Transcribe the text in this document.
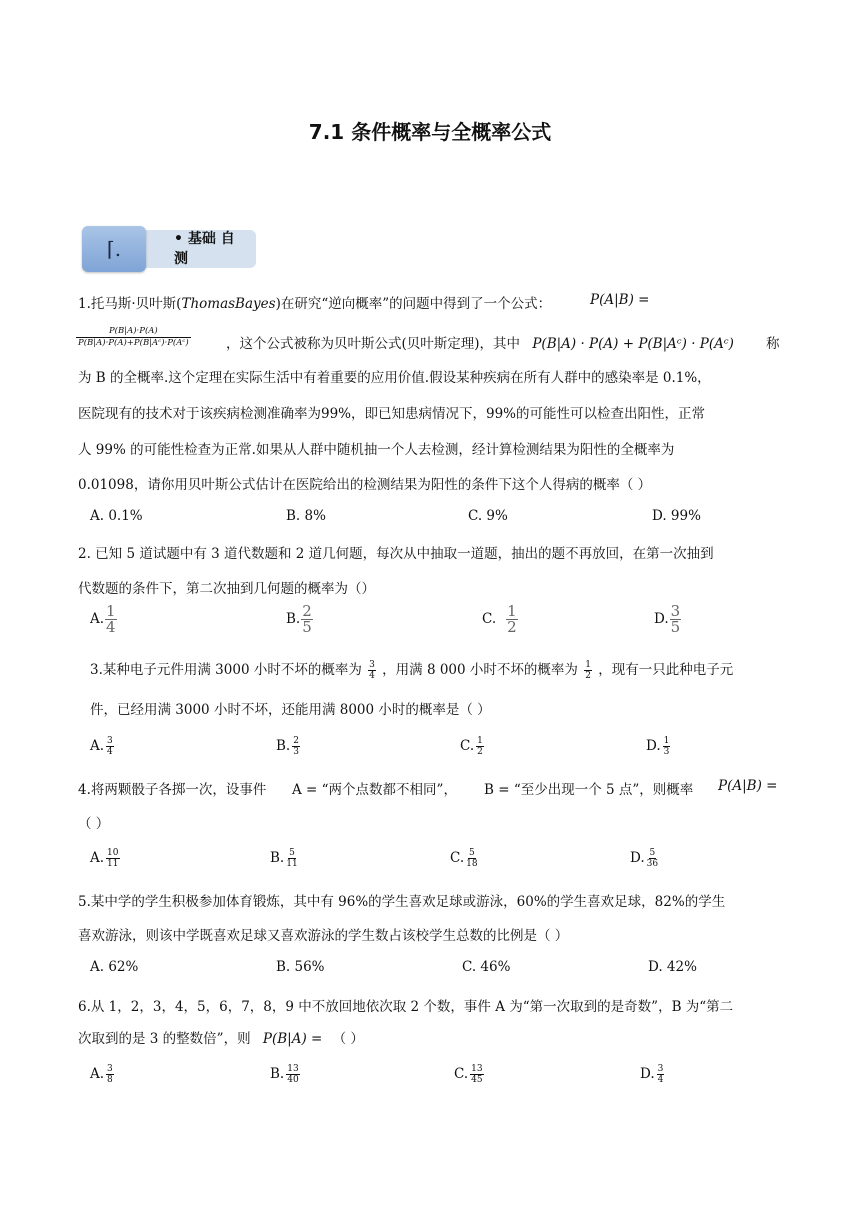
7.1 条件概率与全概率公式
⌈.	• 基础 自测
1.托马斯·贝叶斯(ThomasBayes)在研究“逆向概率”的问题中得到了一个公式：	P(A|B) =
$\frac{P(B|A)\cdot P(A)}{\text{P(B|A)·P(A)+P(B|Aᶜ)·P(Aᶜ)}}$	，这个公式被称为贝叶斯公式(贝叶斯定理)，其中 P(B|A) · P(A) + P(B|Aᶜ) · P(Aᶜ) 称
为 B 的全概率.这个定理在实际生活中有着重要的应用价值.假设某种疾病在所有人群中的感染率是 0.1%，
医院现有的技术对于该疾病检测准确率为99%，即已知患病情况下，99%的可能性可以检查出阳性，正常
人 99% 的可能性检查为正常.如果从人群中随机抽一个人去检测，经计算检测结果为阳性的全概率为
0.01098，请你用贝叶斯公式估计在医院给出的检测结果为阳性的条件下这个人得病的概率（ ）
A. 0.1%	B. 8%	C. 9%	D. 99%
2. 已知 5 道试题中有 3 道代数题和 2 道几何题，每次从中抽取一道题，抽出的题不再放回，在第一次抽到
代数题的条件下，第二次抽到几何题的概率为（）
A. $\frac{1}{4}$	B. $\frac{2}{5}$	C. $\frac{1}{2}$	D. $\frac{3}{5}$
3.某种电子元件用满 3000 小时不坏的概率为 $\frac{3}{4}$ ，用满 8 000 小时不坏的概率为 $\frac{1}{2}$ ，现有一只此种电子元
件，已经用满 3000 小时不坏，还能用满 8000 小时的概率是（ ）
A. $\frac{3}{4}$	B. $\frac{2}{3}$	C. $\frac{1}{2}$	D. $\frac{1}{3}$
4.将两颗骰子各掷一次，设事件 A = “两个点数都不相同”， B = “至少出现一个 5 点”，则概率 P(A|B) =
（ ）
A. $\frac{10}{11}$	B. $\frac{5}{11}$	C. $\frac{5}{18}$	D. $\frac{5}{36}$
5.某中学的学生积极参加体育锻炼，其中有 96%的学生喜欢足球或游泳，60%的学生喜欢足球，82%的学生
喜欢游泳，则该中学既喜欢足球又喜欢游泳的学生数占该校学生总数的比例是（ ）
A. 62%	B. 56%	C. 46%	D. 42%
6.从 1，2，3，4，5，6，7，8，9 中不放回地依次取 2 个数，事件 A 为“第一次取到的是奇数”，B 为“第二
次取到的是 3 的整数倍”，则 P(B|A) = （ ）
A. $\frac{3}{8}$	B. $\frac{13}{40}$	C. $\frac{13}{45}$	D. $\frac{3}{4}$
